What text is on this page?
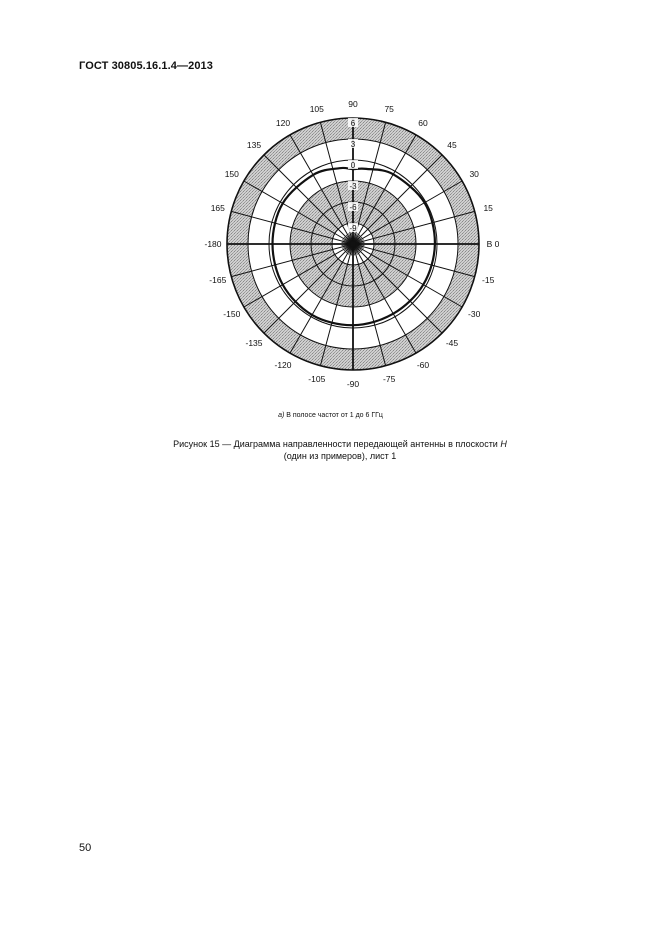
ГОСТ 30805.16.1.4—2013
В 0
15
30
45
60
75
90
105
120
135
150
165
-180
-165
-150
-135
-120
-105	-90	-75
-60
-45
-30
-15
6
3
0
-3
-6
-9
а) В полосе частот от 1 до 6 ГГц
Рисунок 15 — Диаграмма направленности передающей антенны в плоскости H
(один из примеров), лист 1
50
